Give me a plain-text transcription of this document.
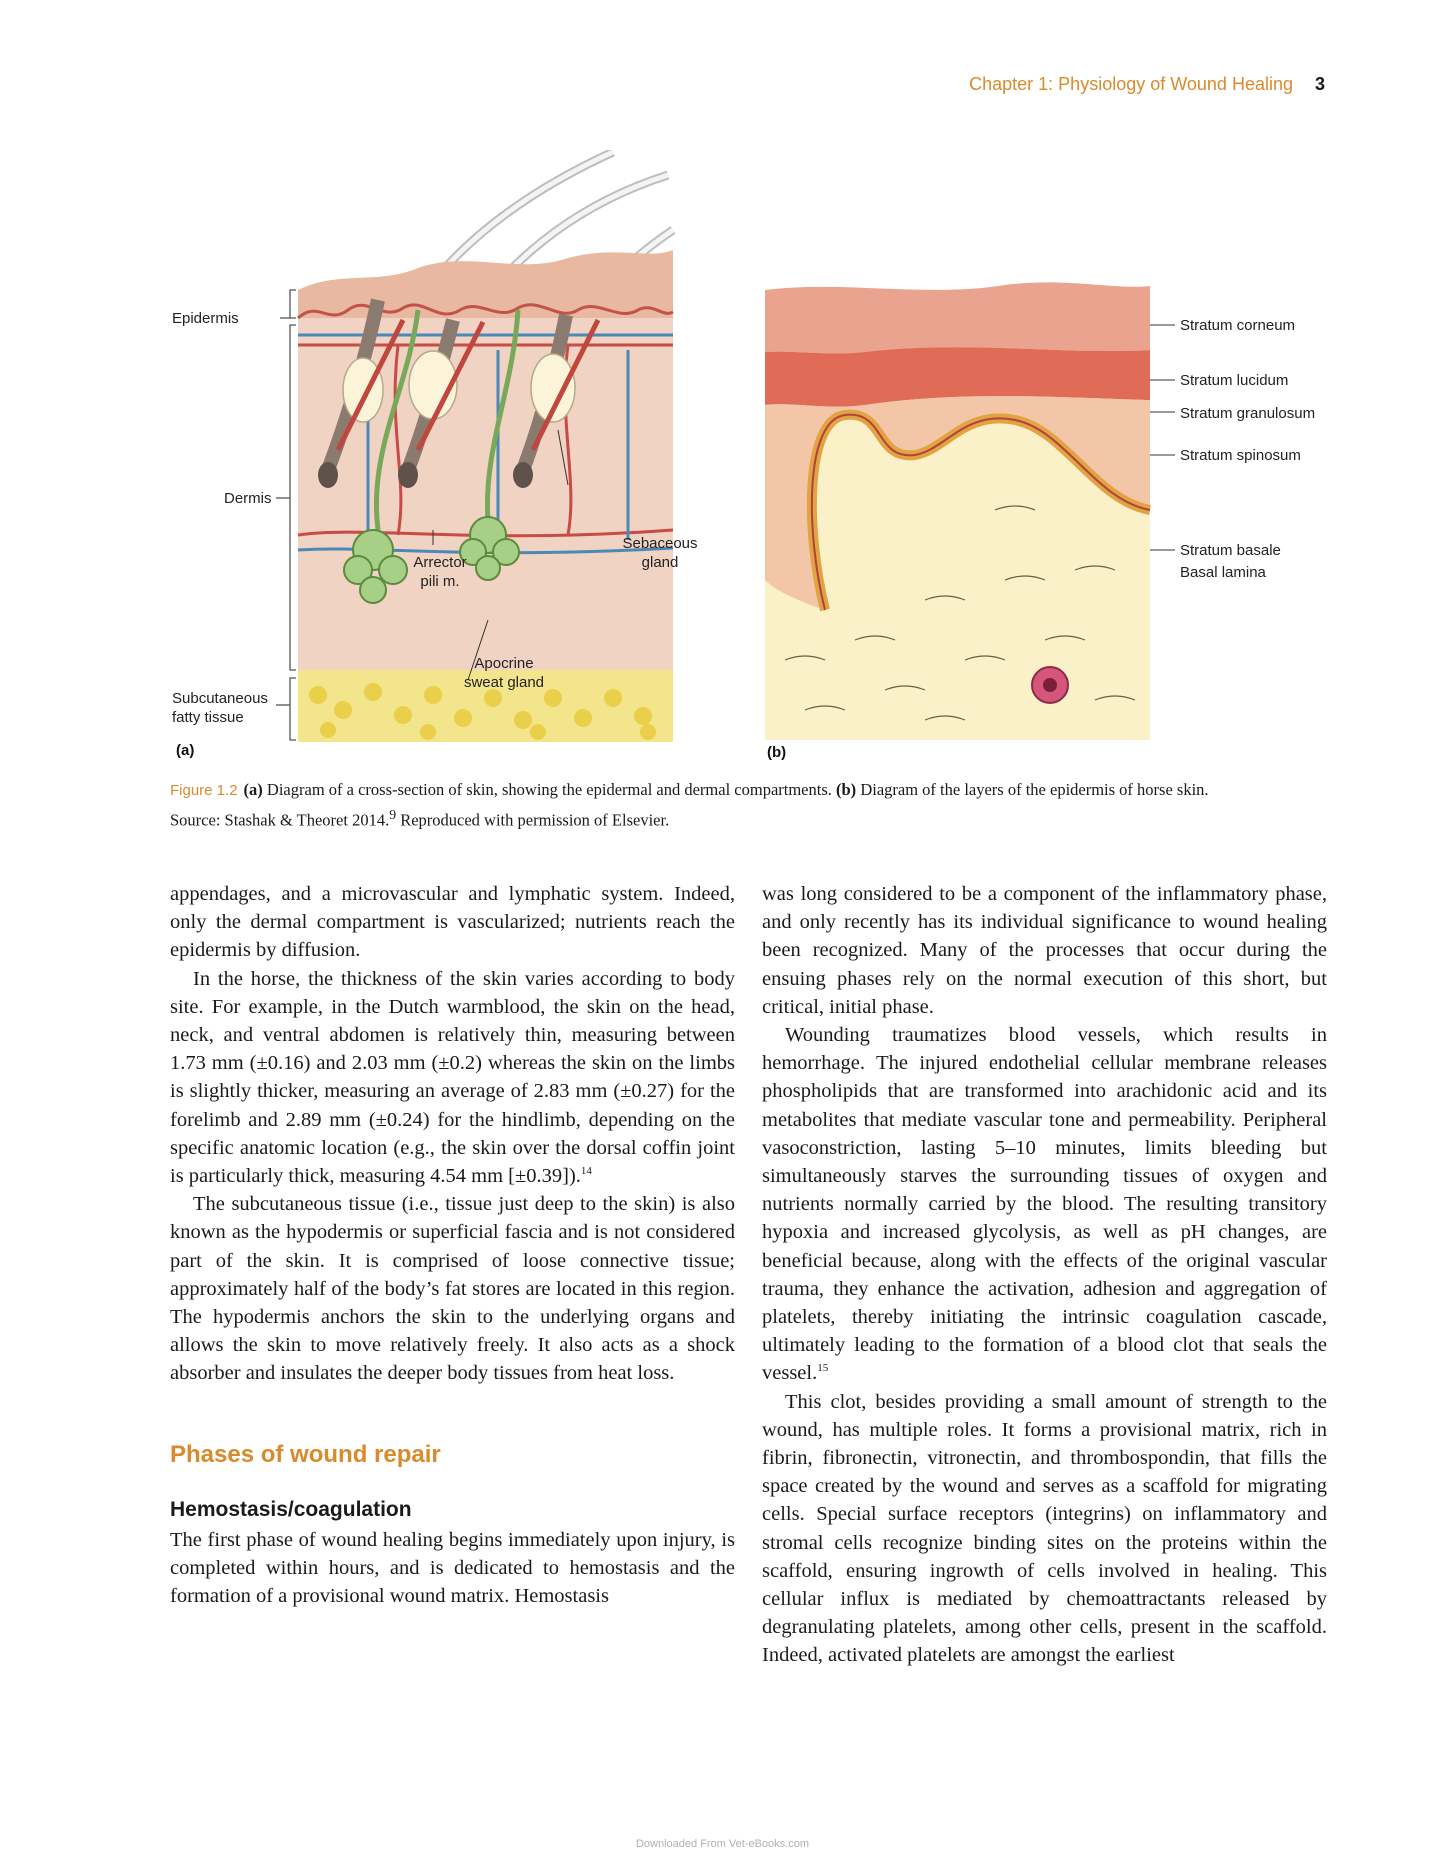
Chapter 1: Physiology of Wound Healing 3
Epidermis
Dermis
Subcutaneous
fatty tissue
Arrector
pili m.
Sebaceous
gland
Apocrine
sweat gland
(a)
Stratum corneum
Stratum lucidum
Stratum granulosum
Stratum spinosum
Stratum basale
Basal lamina
(b)
Figure 1.2 (a) Diagram of a cross-section of skin, showing the epidermal and dermal compartments. (b) Diagram of the layers of the epidermis of horse skin.
Source: Stashak & Theoret 2014.$^9$ Reproduced with permission of Elsevier.

appendages, and a microvascular and lymphatic system. Indeed, only the dermal compartment is vascularized; nutrients reach the epidermis by diffusion.

In the horse, the thickness of the skin varies according to body site. For example, in the Dutch warmblood, the skin on the head, neck, and ventral abdomen is relatively thin, measuring between 1.73 mm (±0.16) and 2.03 mm (±0.2) whereas the skin on the limbs is slightly thicker, measuring an average of 2.83 mm (±0.27) for the forelimb and 2.89 mm (±0.24) for the hindlimb, depending on the specific anatomic location (e.g., the skin over the dorsal coffin joint is particularly thick, measuring 4.54 mm [±0.39]).$^{14}$

The subcutaneous tissue (i.e., tissue just deep to the skin) is also known as the hypodermis or superficial fascia and is not considered part of the skin. It is comprised of loose connective tissue; approximately half of the body’s fat stores are located in this region. The hypodermis anchors the skin to the underlying organs and allows the skin to move relatively freely. It also acts as a shock absorber and insulates the deeper body tissues from heat loss.

Phases of wound repair
Hemostasis/coagulation

The first phase of wound healing begins immediately upon injury, is completed within hours, and is dedicated to hemostasis and the formation of a provisional wound matrix. Hemostasis

was long considered to be a component of the inflammatory phase, and only recently has its individual significance to wound healing been recognized. Many of the processes that occur during the ensuing phases rely on the normal execution of this short, but critical, initial phase.

Wounding traumatizes blood vessels, which results in hemorrhage. The injured endothelial cellular membrane releases phospholipids that are transformed into arachidonic acid and its metabolites that mediate vascular tone and permeability. Peripheral vasoconstriction, lasting 5–10 minutes, limits bleeding but simultaneously starves the surrounding tissues of oxygen and nutrients normally carried by the blood. The resulting transitory hypoxia and increased glycolysis, as well as pH changes, are beneficial because, along with the effects of the original vascular trauma, they enhance the activation, adhesion and aggregation of platelets, thereby initiating the intrinsic coagulation cascade, ultimately leading to the formation of a blood clot that seals the vessel.$^{15}$

This clot, besides providing a small amount of strength to the wound, has multiple roles. It forms a provisional matrix, rich in fibrin, fibronectin, vitronectin, and thrombospondin, that fills the space created by the wound and serves as a scaffold for migrating cells. Special surface receptors (integrins) on inflammatory and stromal cells recognize binding sites on the proteins within the scaffold, ensuring ingrowth of cells involved in healing. This cellular influx is mediated by chemoattractants released by degranulating platelets, among other cells, present in the scaffold. Indeed, activated platelets are amongst the earliest

Downloaded From Vet-eBooks.com
